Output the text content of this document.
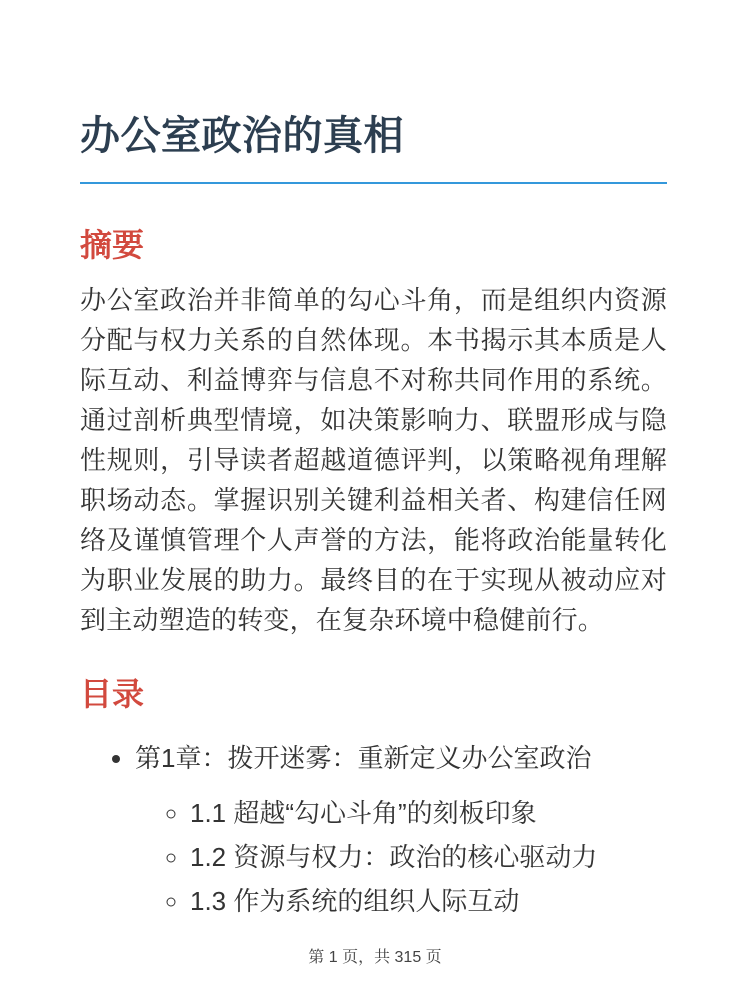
办公室政治的真相
摘要

办公室政治并非简单的勾心斗角，而是组织内资源分配与权力关系的自然体现。本书揭示其本质是人际互动、利益博弈与信息不对称共同作用的系统。通过剖析典型情境，如决策影响力、联盟形成与隐性规则，引导读者超越道德评判，以策略视角理解职场动态。掌握识别关键利益相关者、构建信任网络及谨慎管理个人声誉的方法，能将政治能量转化为职业发展的助力。最终目的在于实现从被动应对到主动塑造的转变，在复杂环境中稳健前行。

目录
• 第1章：拨开迷雾：重新定义办公室政治
◦ 1.1 超越“勾心斗角”的刻板印象
◦ 1.2 资源与权力：政治的核心驱动力
◦ 1.3 作为系统的组织人际互动
第 1 页，共 315 页
